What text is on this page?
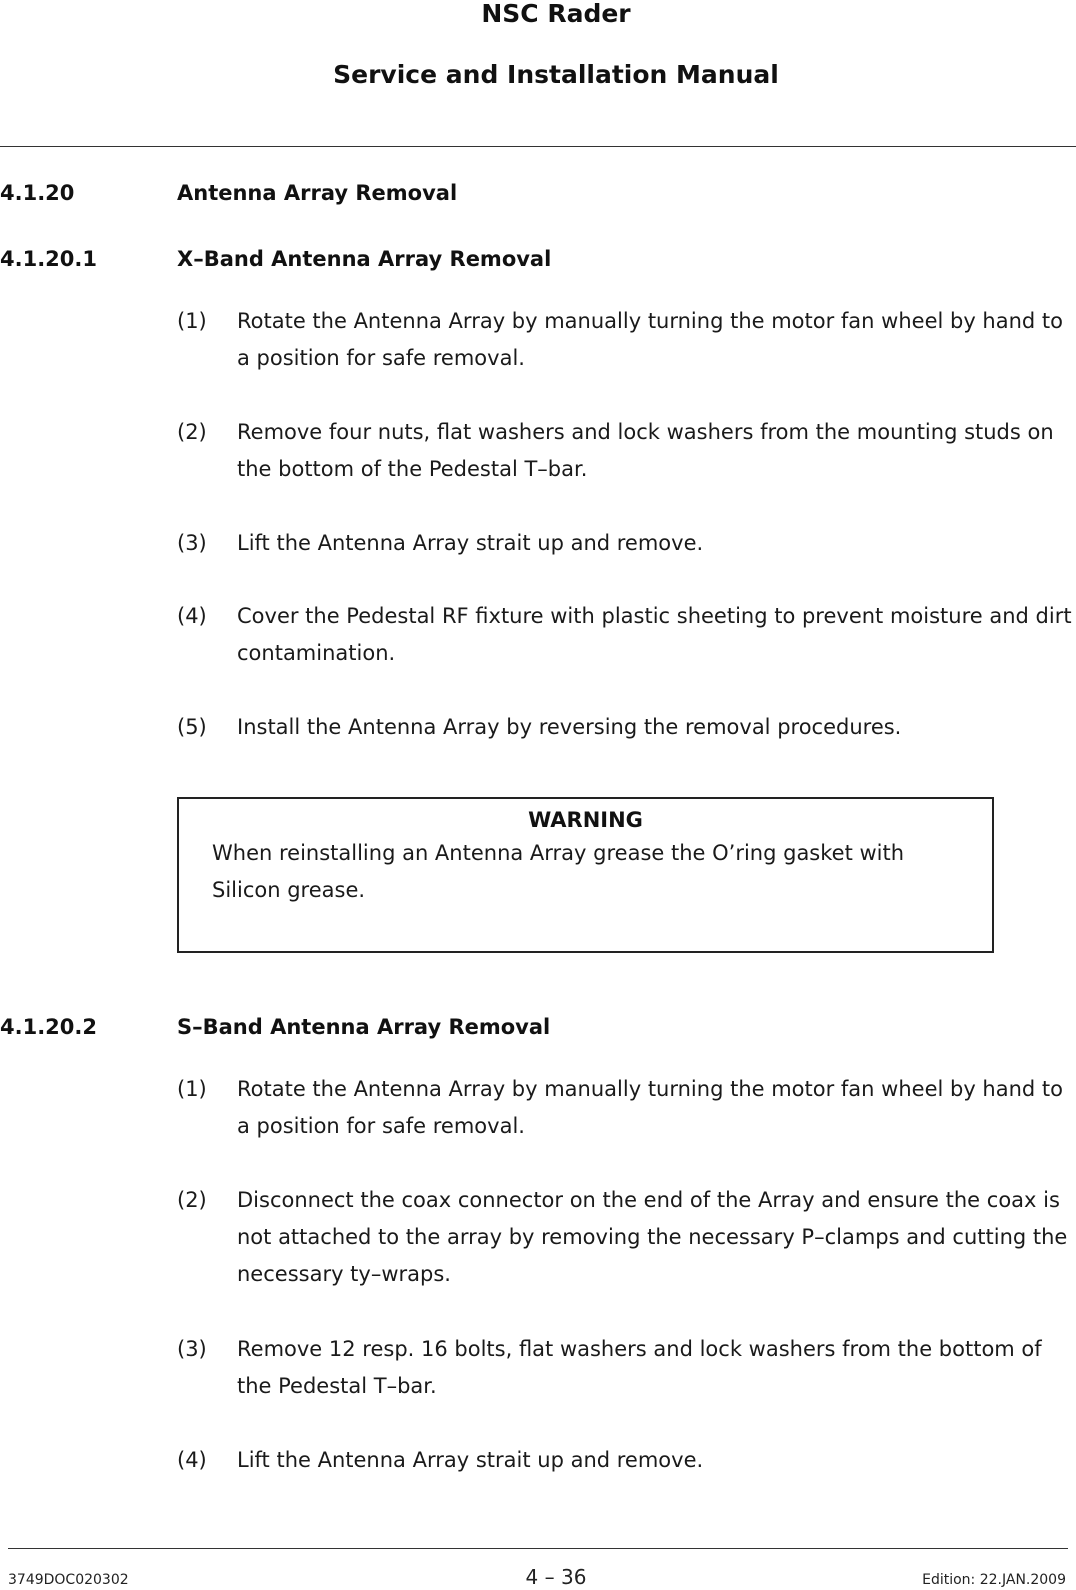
NSC Rader
Service and Installation Manual
4.1.20	Antenna Array Removal
4.1.20.1	X–Band Antenna Array Removal
(1) Rotate the Antenna Array by manually turning the motor fan wheel by hand to a position for safe removal.
(2) Remove four nuts, flat washers and lock washers from the mounting studs on the bottom of the Pedestal T–bar.
(3) Lift the Antenna Array strait up and remove.
(4) Cover the Pedestal RF fixture with plastic sheeting to prevent moisture and dirt contamination.
(5) Install the Antenna Array by reversing the removal procedures.
WARNING
When reinstalling an Antenna Array grease the O’ring gasket with Silicon grease.
4.1.20.2	S–Band Antenna Array Removal
(1) Rotate the Antenna Array by manually turning the motor fan wheel by hand to a position for safe removal.
(2) Disconnect the coax connector on the end of the Array and ensure the coax is not attached to the array by removing the necessary P–clamps and cutting the necessary ty–wraps.
(3) Remove 12 resp. 16 bolts, flat washers and lock washers from the bottom of the Pedestal T–bar.
(4) Lift the Antenna Array strait up and remove.
3749DOC020302	4 – 36	Edition: 22.JAN.2009
